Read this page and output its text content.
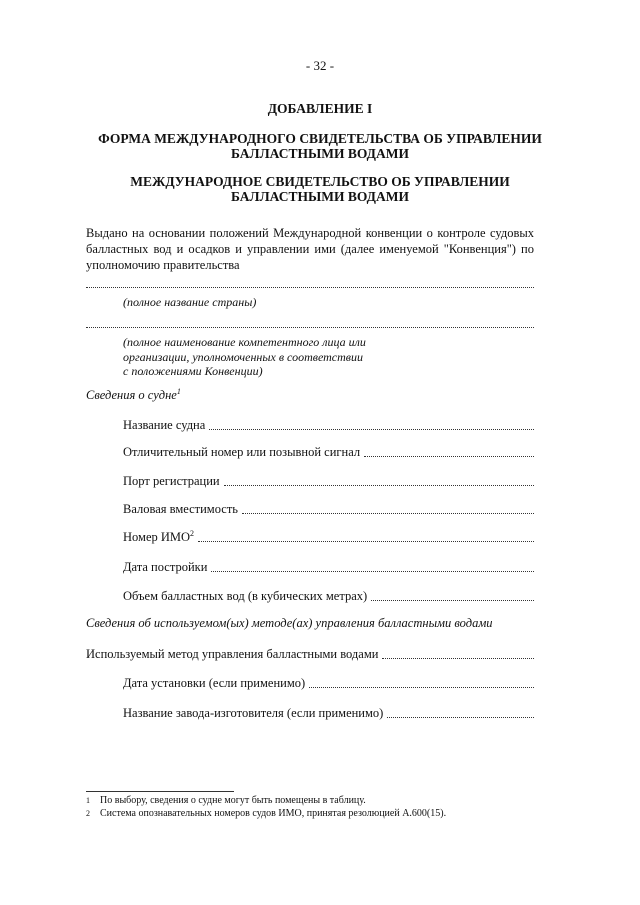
- 32 -
ДОБАВЛЕНИЕ I
ФОРМА МЕЖДУНАРОДНОГО СВИДЕТЕЛЬСТВА ОБ УПРАВЛЕНИИ БАЛЛАСТНЫМИ ВОДАМИ
МЕЖДУНАРОДНОЕ СВИДЕТЕЛЬСТВО ОБ УПРАВЛЕНИИ БАЛЛАСТНЫМИ ВОДАМИ
Выдано на основании положений Международной конвенции о контроле судовых балластных вод и осадков и управлении ими (далее именуемой "Конвенция") по уполномочию правительства
(полное название страны)
(полное наименование компетентного лица или
организации, уполномоченных в соответствии
с положениями Конвенции)
Сведения о судне$^1$
Название судна
Отличительный номер или позывной сигнал
Порт регистрации
Валовая вместимость
Номер ИМО$^2$
Дата постройки
Объем балластных вод (в кубических метрах)
Сведения об используемом(ых) методе(ах) управления балластными водами
Используемый метод управления балластными водами
Дата установки (если применимо)
Название завода-изготовителя (если применимо)
1	По выбору, сведения о судне могут быть помещены в таблицу.
2	Система опознавательных номеров судов ИМО, принятая резолюцией А.600(15).
